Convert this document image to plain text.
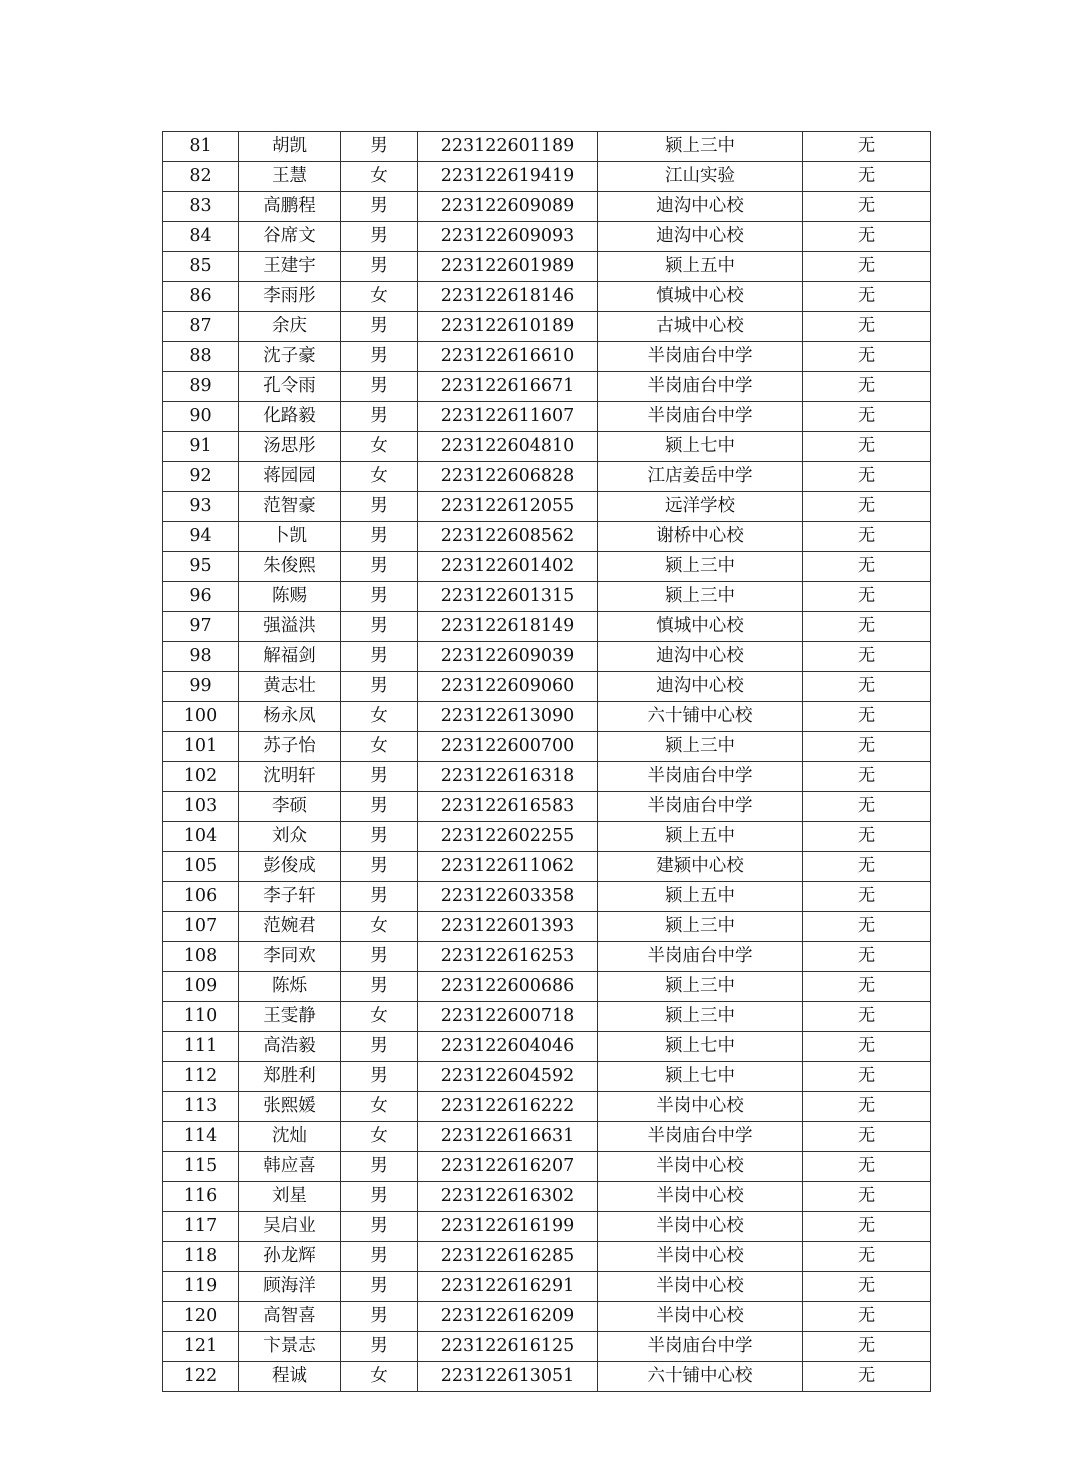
81	胡凯	男	223122601189	颍上三中	无
82	王慧	女	223122619419	江山实验	无
83	高鹏程	男	223122609089	迪沟中心校	无
84	谷席文	男	223122609093	迪沟中心校	无
85	王建宇	男	223122601989	颍上五中	无
86	李雨彤	女	223122618146	慎城中心校	无
87	余庆	男	223122610189	古城中心校	无
88	沈子豪	男	223122616610	半岗庙台中学	无
89	孔令雨	男	223122616671	半岗庙台中学	无
90	化路毅	男	223122611607	半岗庙台中学	无
91	汤思彤	女	223122604810	颍上七中	无
92	蒋园园	女	223122606828	江店姜岳中学	无
93	范智豪	男	223122612055	远洋学校	无
94	卜凯	男	223122608562	谢桥中心校	无
95	朱俊熙	男	223122601402	颍上三中	无
96	陈赐	男	223122601315	颍上三中	无
97	强溢洪	男	223122618149	慎城中心校	无
98	解福剑	男	223122609039	迪沟中心校	无
99	黄志壮	男	223122609060	迪沟中心校	无
100	杨永凤	女	223122613090	六十铺中心校	无
101	苏子怡	女	223122600700	颍上三中	无
102	沈明轩	男	223122616318	半岗庙台中学	无
103	李硕	男	223122616583	半岗庙台中学	无
104	刘众	男	223122602255	颍上五中	无
105	彭俊成	男	223122611062	建颍中心校	无
106	李子轩	男	223122603358	颍上五中	无
107	范婉君	女	223122601393	颍上三中	无
108	李同欢	男	223122616253	半岗庙台中学	无
109	陈烁	男	223122600686	颍上三中	无
110	王雯静	女	223122600718	颍上三中	无
111	高浩毅	男	223122604046	颍上七中	无
112	郑胜利	男	223122604592	颍上七中	无
113	张熙媛	女	223122616222	半岗中心校	无
114	沈灿	女	223122616631	半岗庙台中学	无
115	韩应喜	男	223122616207	半岗中心校	无
116	刘星	男	223122616302	半岗中心校	无
117	吴启业	男	223122616199	半岗中心校	无
118	孙龙辉	男	223122616285	半岗中心校	无
119	顾海洋	男	223122616291	半岗中心校	无
120	高智喜	男	223122616209	半岗中心校	无
121	卞景志	男	223122616125	半岗庙台中学	无
122	程诚	女	223122613051	六十铺中心校	无
